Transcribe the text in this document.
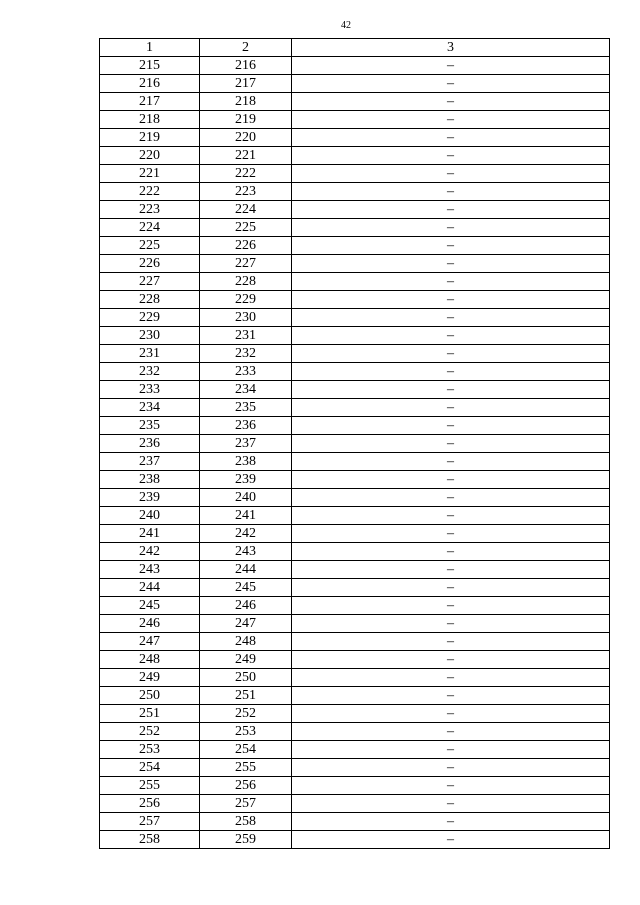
42
1	2	3
215	216	–
216	217	–
217	218	–
218	219	–
219	220	–
220	221	–
221	222	–
222	223	–
223	224	–
224	225	–
225	226	–
226	227	–
227	228	–
228	229	–
229	230	–
230	231	–
231	232	–
232	233	–
233	234	–
234	235	–
235	236	–
236	237	–
237	238	–
238	239	–
239	240	–
240	241	–
241	242	–
242	243	–
243	244	–
244	245	–
245	246	–
246	247	–
247	248	–
248	249	–
249	250	–
250	251	–
251	252	–
252	253	–
253	254	–
254	255	–
255	256	–
256	257	–
257	258	–
258	259	–
